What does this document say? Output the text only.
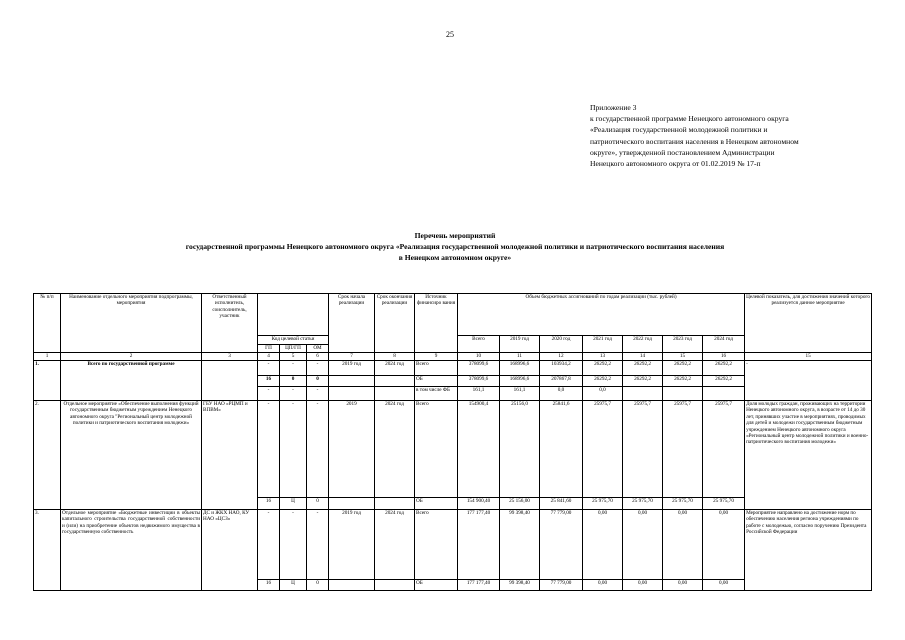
25
Приложение 3
к государственной программе Ненецкого автономного округа
«Реализация государственной молодежной политики и
патриотического воспитания населения в Ненецком автономном
округе», утвержденной постановлением Администрации
Ненецкого автономного округа от 01.02.2019 № 17-п
Перечень мероприятий
государственной программы Ненецкого автономного округа «Реализация государственной молодежной политики и патриотического воспитания населения
в Ненецком автономном округе»
№ п/п	Наименование отдельного мероприятия подпрограммы, мероприятия	Ответственный исполнитель, соисполнитель, участник				Срок начала реализации	Срок окончания реализации	Источник финансиро вания	Объем бюджетных ассигнований по годам реализации (тыс. рублей)							Целевой показатель, для достижения значений которого реализуется данное мероприятие
			Код целевой статьи						Всего	2019 год	2020 год	2021 год	2022 год	2023 год	2024 год	
			ГП	ЦП/ГП	ОМ											
1	2	3	4	5	6	7	8	9	10	11	12	13	14	15	16	15
1.	Всего по государственной программе		-	-	-	2019 год	2024 год	Всего	378099,6	168996,6	103934,2	26292,2	26292,2	26292,2	26292,2	-
			16	0	0			ОБ	378099,6	168996,6	207867,8	26292,2	26292,2	26292,2	26292,2	
			-	-	-			в том числе ФБ	161,1	161,1	0,0	0,0				
2.	Отдельное мероприятие «Обеспечение выполнения функций государственным бюджетным учреждением Ненецкого автономного округа "Региональный центр молодежной политики и патриотического воспитания молодежи»	ГБУ НАО «РЦМП и ВПВМ»	-	-	-	2019	2024 год	Всего	154900,4	25156,0	25841,6	25975,7	25975,7	25975,7	25975,7	Доля молодых граждан, проживающих на территории Ненецкого автономного округа, в возрасте от 14 до 30 лет, принявших участие в мероприятиях, проводимых для детей и молодежи государственным бюджетным учреждением Ненецкого автономного округа «Региональный центр молодежной политики и военно-патриотического воспитания молодежи»
			16	Ц	0			ОБ	154 900,40	25 156,00	25 841,60	25 975,70	25 975,70	25 975,70	25 975,70	
3.	Отдельное мероприятие «Бюджетные инвестиции в объекты капитального строительства государственной собственности и (или) на приобретение объектов недвижимого имущества в государственную собственность	ДС и ЖКХ НАО, КУ НАО «ЦСЗ»	-	-	-	2019 год	2024 год	Всего	177 177,40	99 398,40	77 779,00	0,00	0,00	0,00	0,00	Мероприятие направлено на достижение норм по обеспечению населения региона учреждениями по работе с молодежью, согласно поручению Президента Российской Федерации
			16	Ц	0			ОБ	177 177,40	99 398,40	77 779,00	0,00	0,00	0,00	0,00	
